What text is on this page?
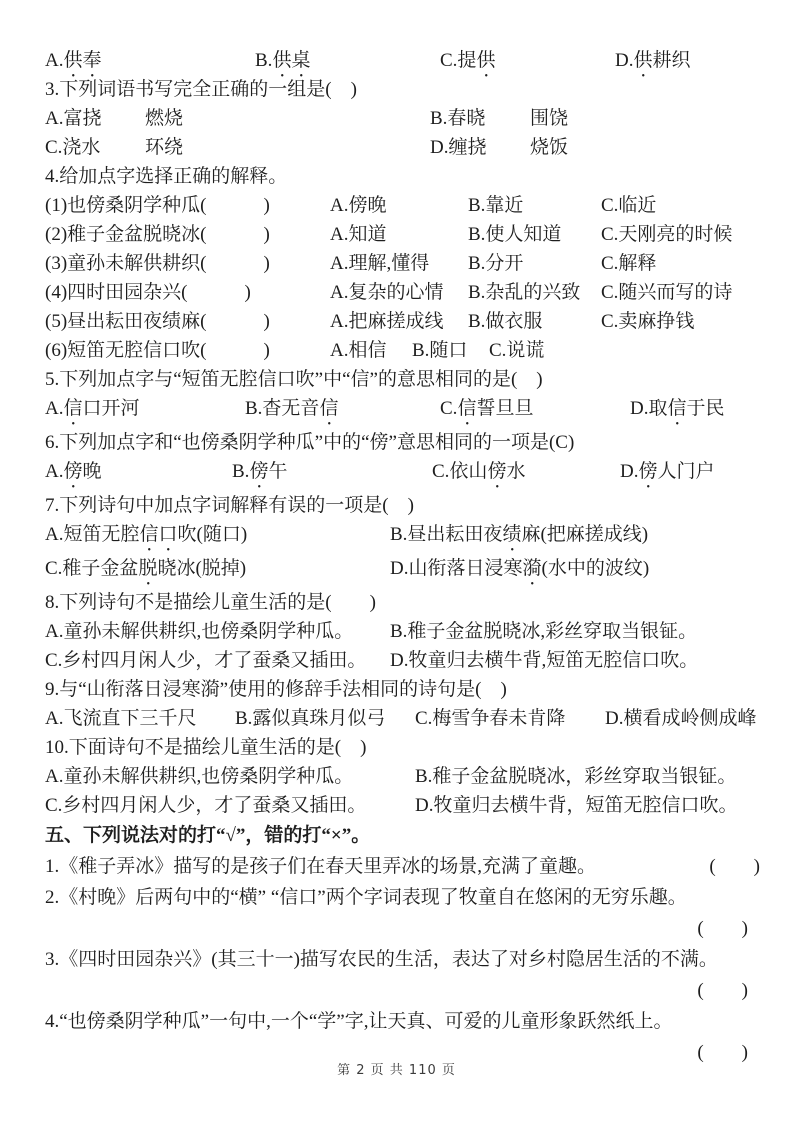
A.供奉	B.供桌	C.提供	D.供耕织
3.下列词语书写完全正确的一组是(　)
A.富挠	燃烧	B.春晓	围饶
C.浇水	环绕	D.缠挠	烧饭
4.给加点字选择正确的解释。
(1)也傍桑阴学种瓜(　　　)	A.傍晚	B.靠近	C.临近
(2)稚子金盆脱晓冰(　　　)	A.知道	B.使人知道	C.天刚亮的时候
(3)童孙未解供耕织(　　　)	A.理解,懂得	B.分开	C.解释
(4)四时田园杂兴(　　　)	A.复杂的心情	B.杂乱的兴致	C.随兴而写的诗
(5)昼出耘田夜绩麻(　　　)	A.把麻搓成线	B.做衣服	C.卖麻挣钱
(6)短笛无腔信口吹(　　　)	A.相信	B.随口	C.说谎
5.下列加点字与“短笛无腔信口吹”中“信”的意思相同的是(　)
A.信口开河	B.杳无音信	C.信誓旦旦	D.取信于民
6.下列加点字和“也傍桑阴学种瓜”中的“傍”意思相同的一项是(C)
A.傍晚	B.傍午	C.依山傍水	D.傍人门户
7.下列诗句中加点字词解释有误的一项是(　)
A.短笛无腔信口吹(随口)	B.昼出耘田夜绩麻(把麻搓成线)
C.稚子金盆脱晓冰(脱掉)	D.山衔落日浸寒漪(水中的波纹)
8.下列诗句不是描绘儿童生活的是(　　)
A.童孙未解供耕织,也傍桑阴学种瓜。	B.稚子金盆脱晓冰,彩丝穿取当银钲。
C.乡村四月闲人少，才了蚕桑又插田。	D.牧童归去横牛背,短笛无腔信口吹。
9.与“山衔落日浸寒漪”使用的修辞手法相同的诗句是(　)
A.飞流直下三千尺	B.露似真珠月似弓	C.梅雪争春未肯降	D.横看成岭侧成峰
10.下面诗句不是描绘儿童生活的是(　)
A.童孙未解供耕织,也傍桑阴学种瓜。	B.稚子金盆脱晓冰，彩丝穿取当银钲。
C.乡村四月闲人少，才了蚕桑又插田。	D.牧童归去横牛背，短笛无腔信口吹。
五、下列说法对的打“√”，错的打“×”。
1.《稚子弄冰》描写的是孩子们在春天里弄冰的场景,充满了童趣。	(　　)
2.《村晚》后两句中的“横” “信口”两个字词表现了牧童自在悠闲的无穷乐趣。
(　　)
3.《四时田园杂兴》(其三十一)描写农民的生活，表达了对乡村隐居生活的不满。
(　　)
4.“也傍桑阴学种瓜”一句中,一个“学”字,让天真、可爱的儿童形象跃然纸上。
(　　)
第 2 页 共 110 页
